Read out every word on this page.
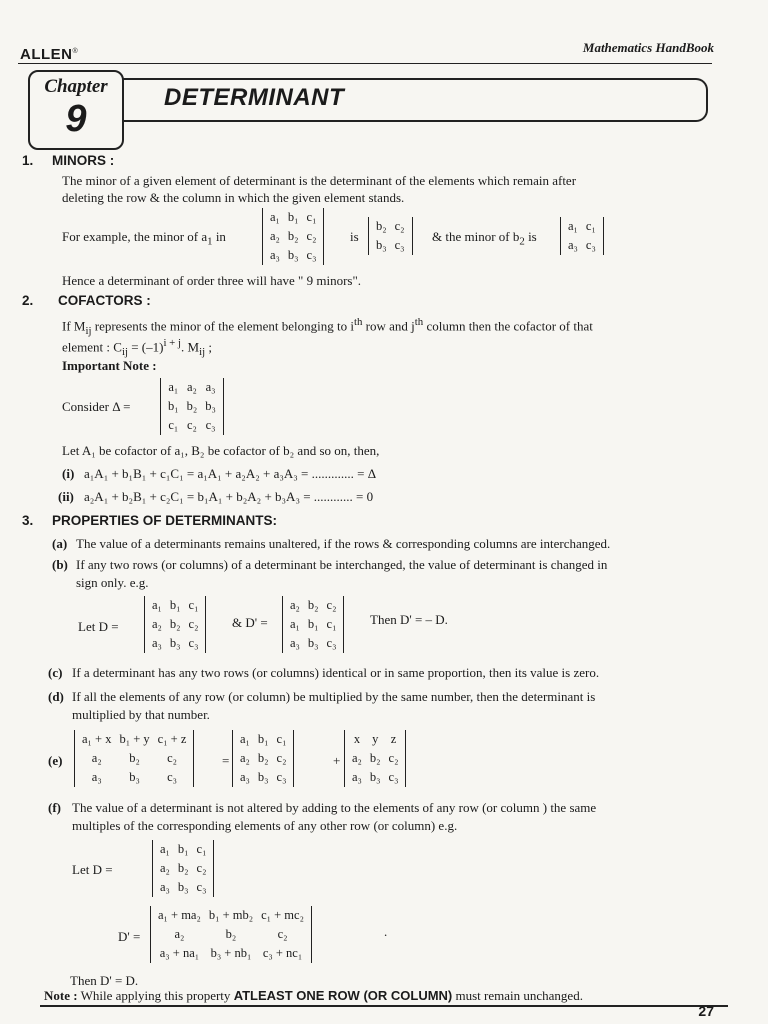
ALLEN®	Mathematics HandBook
Chapter
9
DETERMINANT
1. MINORS :
The minor of a given element of determinant is the determinant of the elements which remain after
deleting the row & the column in which the given element stands.
For example, the minor of $a_1$ in
a₁	b₁	c₁
a₂	b₂	c₂
a₃	b₃	c₃
is
b₂	c₂
b₃	c₃
& the minor of $b_2$ is
a₁	c₁
a₃	c₃
Hence a determinant of order three will have " 9 minors".
2. COFACTORS :
If $M_{ij}$ represents the minor of the element belonging to $i^{th}$ row and $j^{th}$ column then the cofactor of that
element : $C_{ij} = (-1)^{i + j}$. $M_{ij}$ ;
Important Note :
Consider Δ =
a₁	a₂	a₃
b₁	b₂	b₃
c₁	c₂	c₃
Let A₁ be cofactor of a₁, B₂ be cofactor of b₂ and so on, then,
(i) a₁A₁ + b₁B₁ + c₁C₁ = a₁A₁ + a₂A₂ + a₃A₃ = ............. = Δ
(ii) a₂A₁ + b₂B₁ + c₂C₁ = b₁A₁ + b₂A₂ + b₃A₃ = ............ = 0
3. PROPERTIES OF DETERMINANTS:
(a) The value of a determinants remains unaltered, if the rows & corresponding columns are interchanged.
(b) If any two rows (or columns) of a determinant be interchanged, the value of determinant is changed in
sign only. e.g.
Let D =
a₁	b₁	c₁
a₂	b₂	c₂
a₃	b₃	c₃
& D' =
a₂	b₂	c₂
a₁	b₁	c₁
a₃	b₃	c₃
Then D' = – D.
(c) If a determinant has any two rows (or columns) identical or in same proportion, then its value is zero.
(d) If all the elements of any row (or column) be multiplied by the same number, then the determinant is
multiplied by that number.
(e)
a₁ + x	b₁ + y	c₁ + z
a₂	b₂	c₂
a₃	b₃	c₃
=
a₁	b₁	c₁
a₂	b₂	c₂
a₃	b₃	c₃
+
x	y	z
a₂	b₂	c₂
a₃	b₃	c₃
(f) The value of a determinant is not altered by adding to the elements of any row (or column ) the same
multiples of the corresponding elements of any other row (or column) e.g.
Let D =
a₁	b₁	c₁
a₂	b₂	c₂
a₃	b₃	c₃
D' =
a₁ + ma₂	b₁ + mb₂	c₁ + mc₂
a₂	b₂	c₂
a₃ + na₁	b₃ + nb₁	c₃ + nc₁
.
Then D' = D.
Note : While applying this property ATLEAST ONE ROW (OR COLUMN) must remain unchanged.
27
